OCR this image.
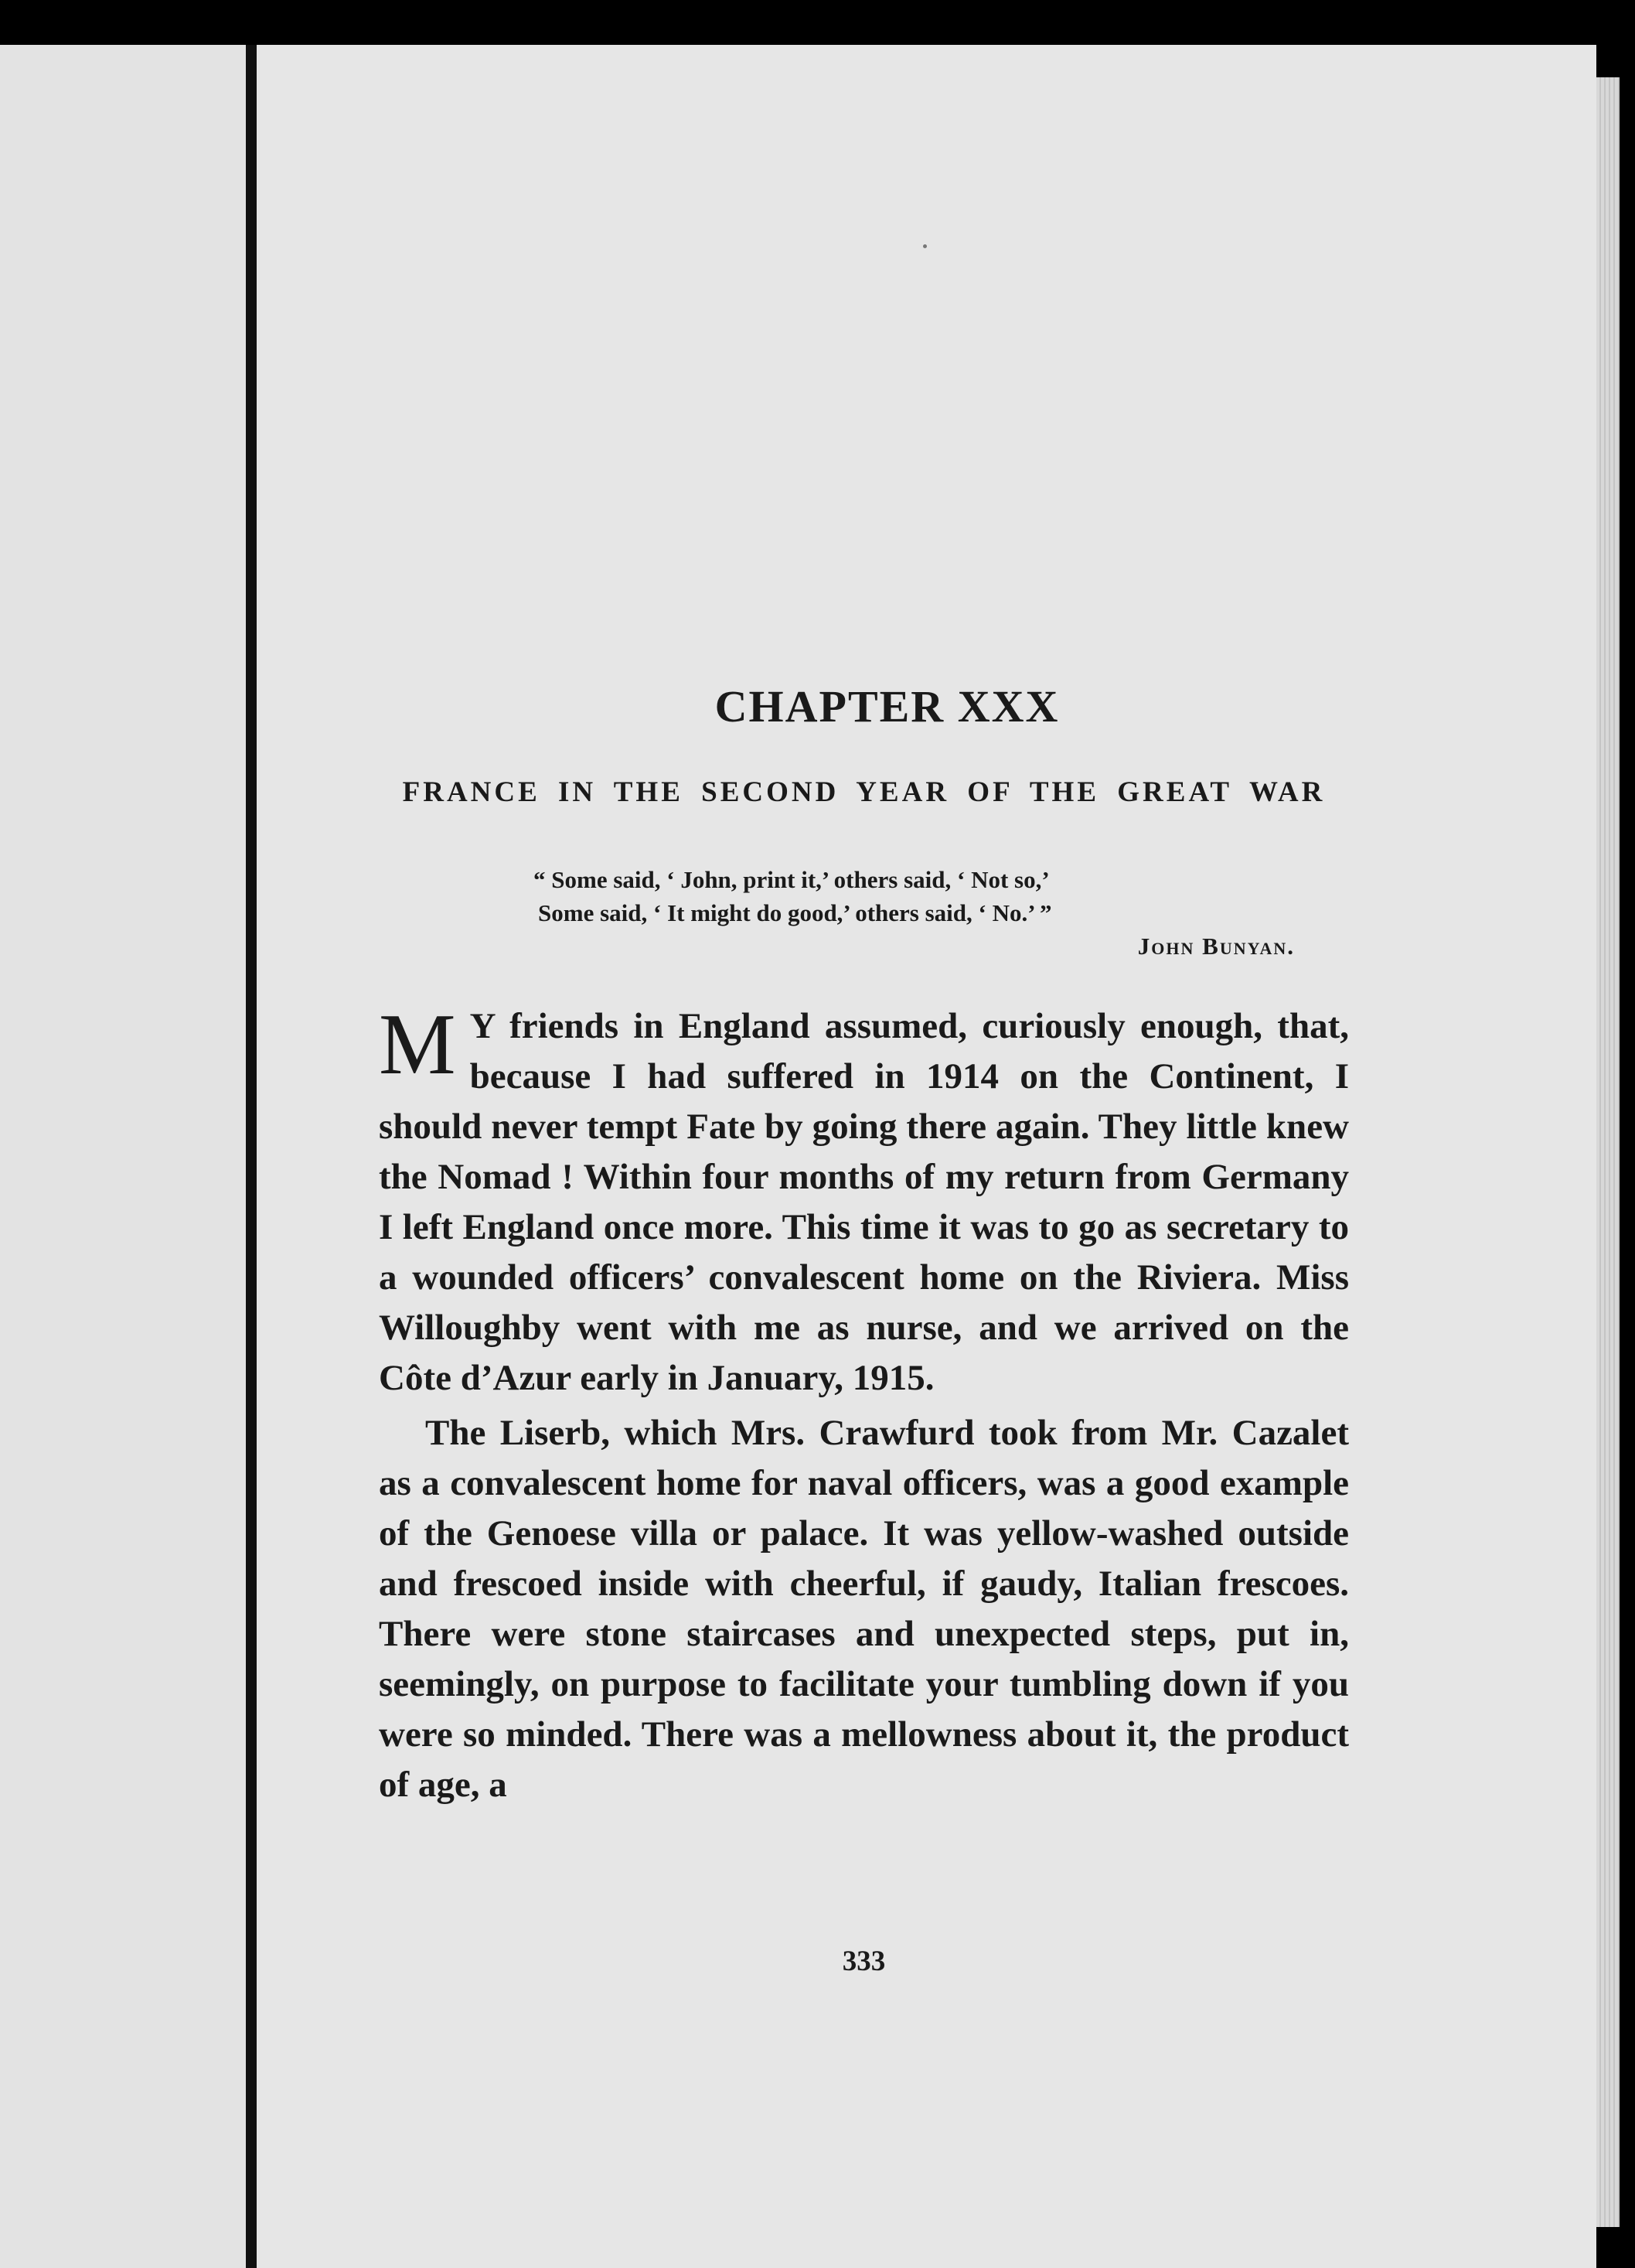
CHAPTER XXX
FRANCE IN THE SECOND YEAR OF THE GREAT WAR
“ Some said, ‘ John, print it,’ others said, ‘ Not so,’
Some said, ‘ It might do good,’ others said, ‘ No.’ ”
John Bunyan.

M Y friends in England assumed, curiously enough, that, because I had suffered in 1914 on the Continent, I should never tempt Fate by going there again. They little knew the Nomad ! Within four months of my return from Germany I left England once more. This time it was to go as secretary to a wounded officers’ convalescent home on the Riviera. Miss Willoughby went with me as nurse, and we arrived on the Côte d’Azur early in January, 1915.

The Liserb, which Mrs. Crawfurd took from Mr. Cazalet as a convalescent home for naval officers, was a good example of the Genoese villa or palace. It was yellow-washed outside and frescoed inside with cheerful, if gaudy, Italian frescoes. There were stone staircases and unexpected steps, put in, seemingly, on purpose to facilitate your tumbling down if you were so minded. There was a mellowness about it, the product of age, a

333
